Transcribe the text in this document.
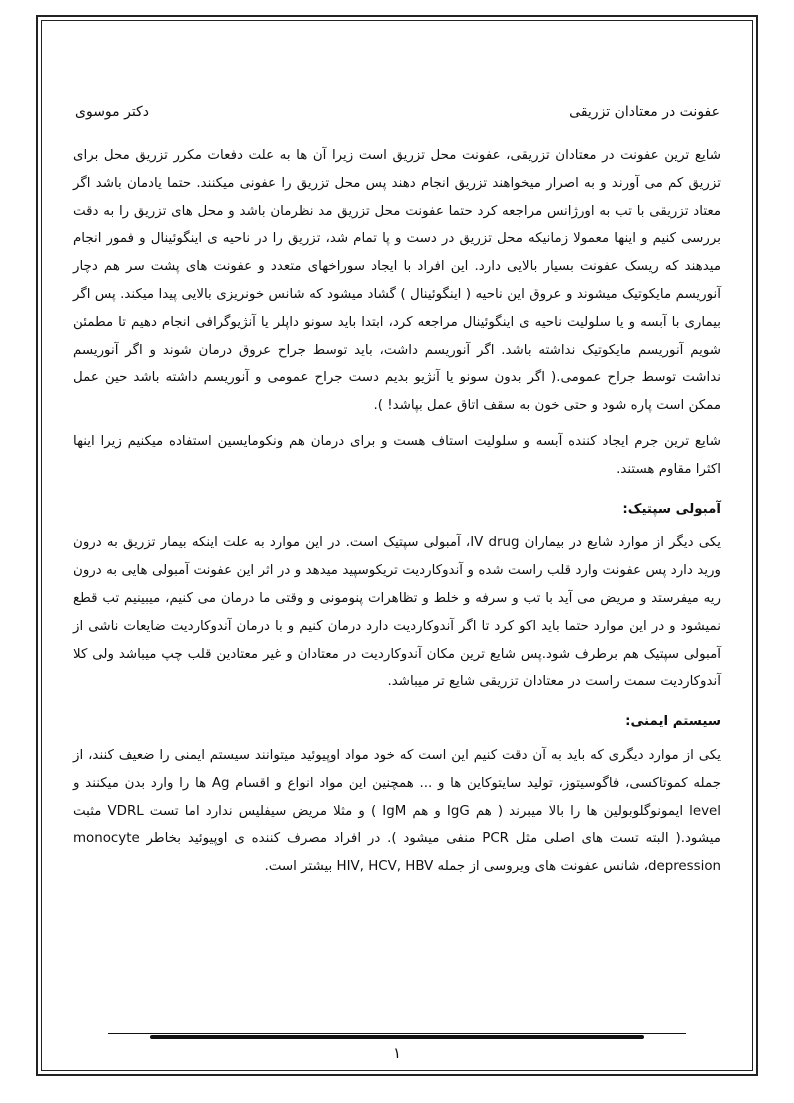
دکتر موسوی	عفونت در معتادان تزریقی

شایع ترین عفونت در معتادان تزریقی، عفونت محل تزریق است زیرا آن ها به علت دفعات مکرر تزریق محل برای تزریق کم می آورند و به اصرار میخواهند تزریق انجام دهند پس محل تزریق را عفونی میکنند. حتما یادمان باشد اگر معتاد تزریقی با تب به اورژانس مراجعه کرد حتما عفونت محل تزریق مد نظرمان باشد و محل های تزریق را به دقت بررسی کنیم و اینها معمولا زمانیکه محل تزریق در دست و پا تمام شد، تزریق را در ناحیه ی اینگوئینال و فمور انجام میدهند که ریسک عفونت بسیار بالایی دارد. این افراد با ایجاد سوراخهای متعدد و عفونت های پشت سر هم دچار آنوریسم مایکوتیک میشوند و عروق این ناحیه ( اینگوئینال ) گشاد میشود که شانس خونریزی بالایی پیدا میکند. پس اگر بیماری با آبسه و یا سلولیت ناحیه ی اینگوئینال مراجعه کرد، ابتدا باید سونو داپلر یا آنژیوگرافی انجام دهیم تا مطمئن شویم آنوریسم مایکوتیک نداشته باشد. اگر آنوریسم داشت، باید توسط جراح عروق درمان شوند و اگر آنوریسم نداشت توسط جراح عمومی.( اگر بدون سونو یا آنژیو بدیم دست جراح عمومی و آنوریسم داشته باشد حین عمل ممکن است پاره شود و حتی خون به سقف اتاق عمل بپاشد! ).

شایع ترین جرم ایجاد کننده آبسه و سلولیت استاف هست و برای درمان هم ونکومایسین استفاده میکنیم زیرا اینها اکثرا مقاوم هستند.

آمبولی سپتیک:

یکی دیگر از موارد شایع در بیماران IV drug، آمبولی سپتیک است. در این موارد به علت اینکه بیمار تزریق به درون ورید دارد پس عفونت وارد قلب راست شده و آندوکاردیت تریکوسپید میدهد و در اثر این عفونت آمبولی هایی به درون ریه میفرستد و مریض می آید با تب و سرفه و خلط و تظاهرات پنومونی و وقتی ما درمان می کنیم، میبینیم تب قطع نمیشود و در این موارد حتما باید اکو کرد تا اگر آندوکاردیت دارد درمان کنیم و با درمان آندوکاردیت ضایعات ناشی از آمبولی سپتیک هم برطرف شود.پس شایع ترین مکان آندوکاردیت در معتادان و غیر معتادین قلب چپ میباشد ولی کلا آندوکاردیت سمت راست در معتادان تزریقی شایع تر میباشد.

سیستم ایمنی:

یکی از موارد دیگری که باید به آن دقت کنیم این است که خود مواد اوپیوئید میتوانند سیستم ایمنی را ضعیف کنند، از جمله کموتاکسی، فاگوسیتوز، تولید سایتوکاین ها و ... همچنین این مواد انواع و اقسام Ag ها را وارد بدن میکنند و level ایمونوگلوبولین ها را بالا میبرند ( هم IgG و هم IgM ) و مثلا مریض سیفلیس ندارد اما تست VDRL مثبت میشود.( البته تست های اصلی مثل PCR منفی میشود ). در افراد مصرف کننده ی اوپیوئید بخاطر monocyte depression، شانس عفونت های ویروسی از جمله HIV, HCV, HBV بیشتر است.

۱
